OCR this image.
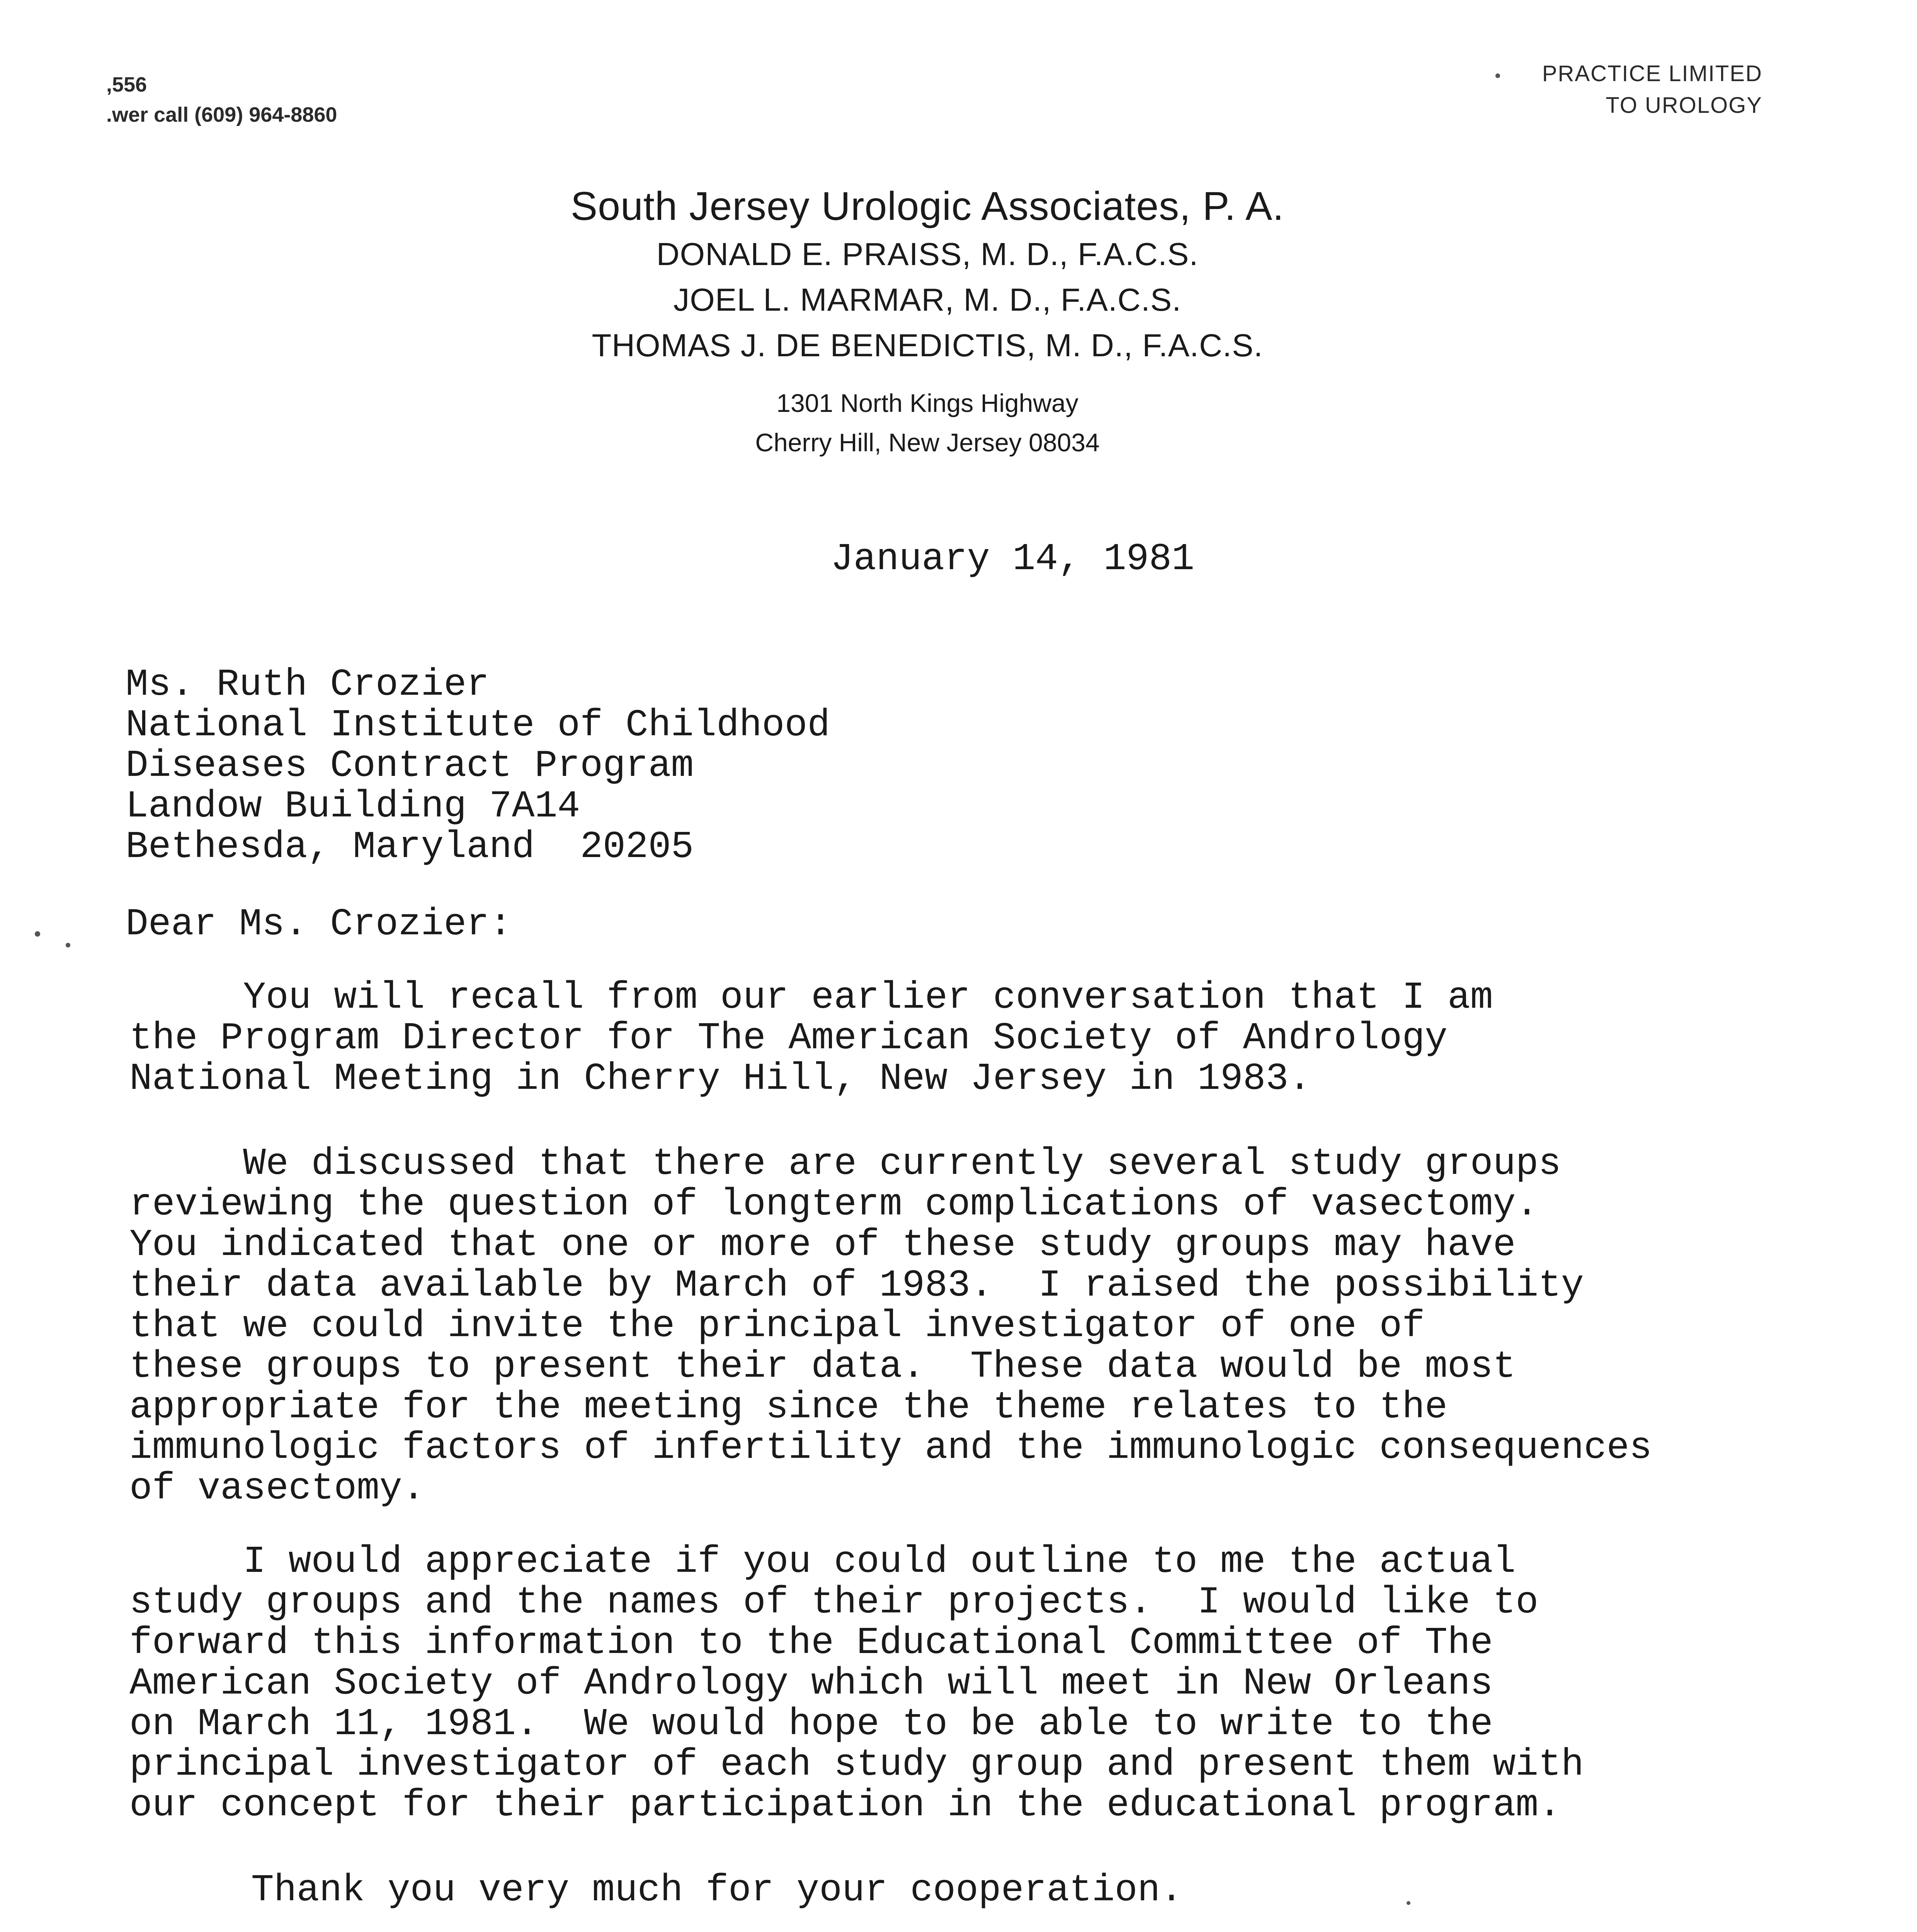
,556
.wer call (609) 964-8860
PRACTICE LIMITED
TO UROLOGY
South Jersey Urologic Associates, P. A.
DONALD E. PRAISS, M. D., F.A.C.S.
JOEL L. MARMAR, M. D., F.A.C.S.
THOMAS J. DE BENEDICTIS, M. D., F.A.C.S.
1301 North Kings Highway
Cherry Hill, New Jersey 08034
January 14, 1981
Ms. Ruth Crozier
National Institute of Childhood
Diseases Contract Program
Landow Building 7A14
Bethesda, Maryland  20205
Dear Ms. Crozier:
You will recall from our earlier conversation that I am
the Program Director for The American Society of Andrology
National Meeting in Cherry Hill, New Jersey in 1983.
We discussed that there are currently several study groups
reviewing the question of longterm complications of vasectomy.
You indicated that one or more of these study groups may have
their data available by March of 1983.  I raised the possibility
that we could invite the principal investigator of one of
these groups to present their data.  These data would be most
appropriate for the meeting since the theme relates to the
immunologic factors of infertility and the immunologic consequences
of vasectomy.
I would appreciate if you could outline to me the actual
study groups and the names of their projects.  I would like to
forward this information to the Educational Committee of The
American Society of Andrology which will meet in New Orleans
on March 11, 1981.  We would hope to be able to write to the
principal investigator of each study group and present them with
our concept for their participation in the educational program.
Thank you very much for your cooperation.
